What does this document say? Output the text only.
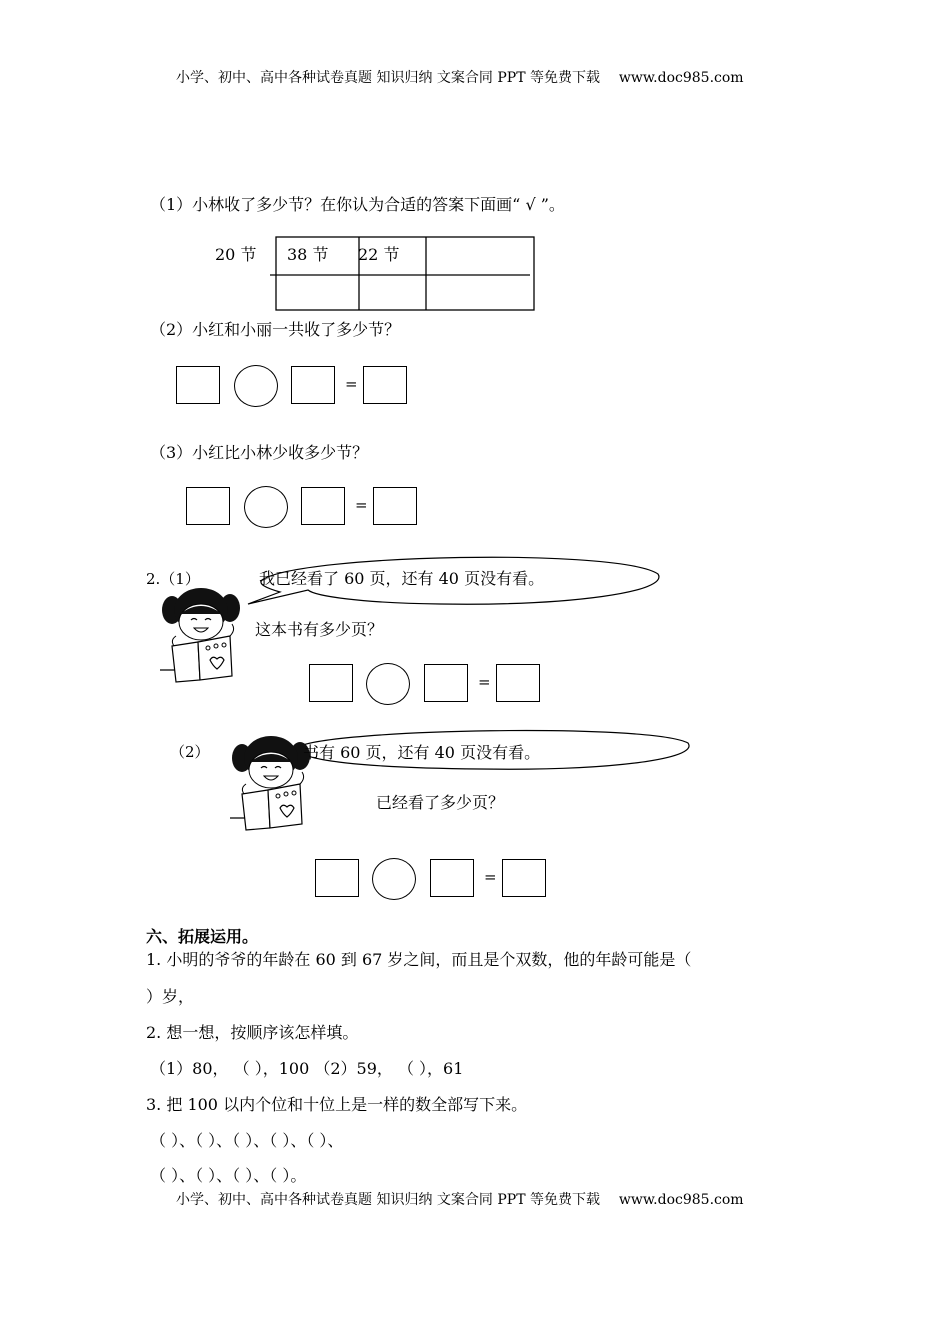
小学、初中、高中各种试卷真题 知识归纳 文案合同 PPT 等免费下载 www.doc985.com
（1）小林收了多少节？在你认为合适的答案下面画“ √ ”。
20 节 38 节 22 节
（2）小红和小丽一共收了多少节？
=
（3）小红比小林少收多少节？
=
2.（1）	我已经看了 60 页，还有 40 页没有看。
这本书有多少页？
=
（2）	书有 60 页，还有 40 页没有看。
已经看了多少页？
=
六、拓展运用。
1. 小明的爷爷的年龄在 60 到 67 岁之间，而且是个双数，他的年龄可能是（
）岁，
2. 想一想，按顺序该怎样填。
（1）80， （ ），100 （2）59， （ ），61
3. 把 100 以内个位和十位上是一样的数全部写下来。
（ ）、（ ）、（ ）、（ ）、（ ）、
（ ）、（ ）、（ ）、（ ）。
小学、初中、高中各种试卷真题 知识归纳 文案合同 PPT 等免费下载 www.doc985.com
